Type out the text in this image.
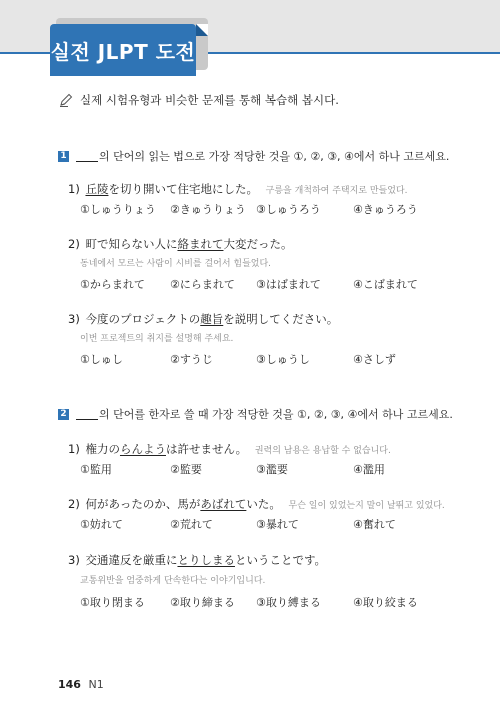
실전 JLPT 도전
실제 시험유형과 비슷한 문제를 통해 복습해 봅시다.
1	의 단어의 읽는 법으로 가장 적당한 것을 ①, ②, ③, ④에서 하나 고르세요.
1) 丘陵を切り開いて住宅地にした。 구릉을 개척하여 주택지로 만들었다.
①しゅうりょう ②きゅうりょう ③しゅうろう	④きゅうろう
2) 町で知らない人に絡まれて大変だった。
동네에서 모르는 사람이 시비를 걸어서 힘들었다.
①からまれて ②にらまれて ③はばまれて	④こばまれて
3) 今度のプロジェクトの趣旨を説明してください。
이번 프로젝트의 취지를 설명해 주세요.
①しゅし	②すうじ	③しゅうし	④さしず
2	의 단어를 한자로 쓸 때 가장 적당한 것을 ①, ②, ③, ④에서 하나 고르세요.
1) 権力のらんようは許せません。 권력의 남용은 용납할 수 없습니다.
①監用	②監要	③濫要	④濫用
2) 何があったのか、馬があばれていた。 무슨 일이 있었는지 말이 날뛰고 있었다.
①妨れて	②荒れて	③暴れて	④奮れて
3) 交通違反を厳重にとりしまるということです。
교통위반을 엄중하게 단속한다는 이야기입니다.
①取り閉まる ②取り締まる ③取り縛まる	④取り絞まる
146 N1
